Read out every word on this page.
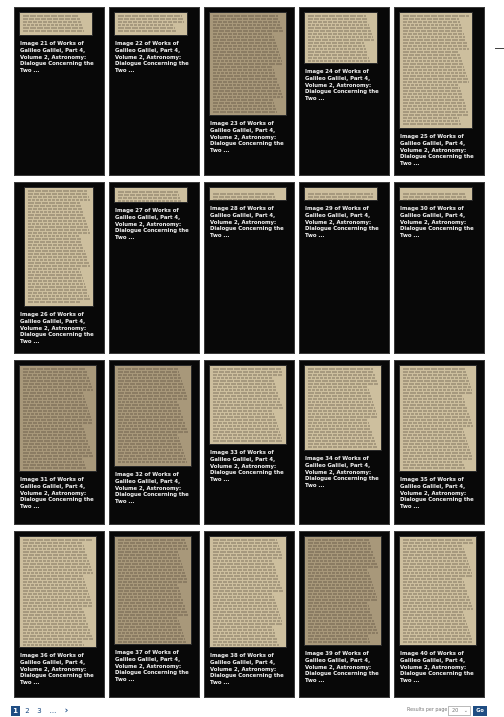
Image 21 of Works of Galileo Galilei, Part 4, Volume 2, Astronomy: Dialogue Concerning the Two ...
Image 22 of Works of Galileo Galilei, Part 4, Volume 2, Astronomy: Dialogue Concerning the Two ...
Image 23 of Works of Galileo Galilei, Part 4, Volume 2, Astronomy: Dialogue Concerning the Two ...
Image 24 of Works of Galileo Galilei, Part 4, Volume 2, Astronomy: Dialogue Concerning the Two ...
Image 25 of Works of Galileo Galilei, Part 4, Volume 2, Astronomy: Dialogue Concerning the Two ...
Image 26 of Works of Galileo Galilei, Part 4, Volume 2, Astronomy: Dialogue Concerning the Two ...
Image 27 of Works of Galileo Galilei, Part 4, Volume 2, Astronomy: Dialogue Concerning the Two ...
Image 28 of Works of Galileo Galilei, Part 4, Volume 2, Astronomy: Dialogue Concerning the Two ...
Image 29 of Works of Galileo Galilei, Part 4, Volume 2, Astronomy: Dialogue Concerning the Two ...
Image 30 of Works of Galileo Galilei, Part 4, Volume 2, Astronomy: Dialogue Concerning the Two ...
Image 31 of Works of Galileo Galilei, Part 4, Volume 2, Astronomy: Dialogue Concerning the Two ...
Image 32 of Works of Galileo Galilei, Part 4, Volume 2, Astronomy: Dialogue Concerning the Two ...
Image 33 of Works of Galileo Galilei, Part 4, Volume 2, Astronomy: Dialogue Concerning the Two ...
Image 34 of Works of Galileo Galilei, Part 4, Volume 2, Astronomy: Dialogue Concerning the Two ...
Image 35 of Works of Galileo Galilei, Part 4, Volume 2, Astronomy: Dialogue Concerning the Two ...
Image 36 of Works of Galileo Galilei, Part 4, Volume 2, Astronomy: Dialogue Concerning the Two ...
Image 37 of Works of Galileo Galilei, Part 4, Volume 2, Astronomy: Dialogue Concerning the Two ...
Image 38 of Works of Galileo Galilei, Part 4, Volume 2, Astronomy: Dialogue Concerning the Two ...
Image 39 of Works of Galileo Galilei, Part 4, Volume 2, Astronomy: Dialogue Concerning the Two ...
Image 40 of Works of Galileo Galilei, Part 4, Volume 2, Astronomy: Dialogue Concerning the Two ...
1	2	3	... ›	Results per page 20 ⌄	Go
